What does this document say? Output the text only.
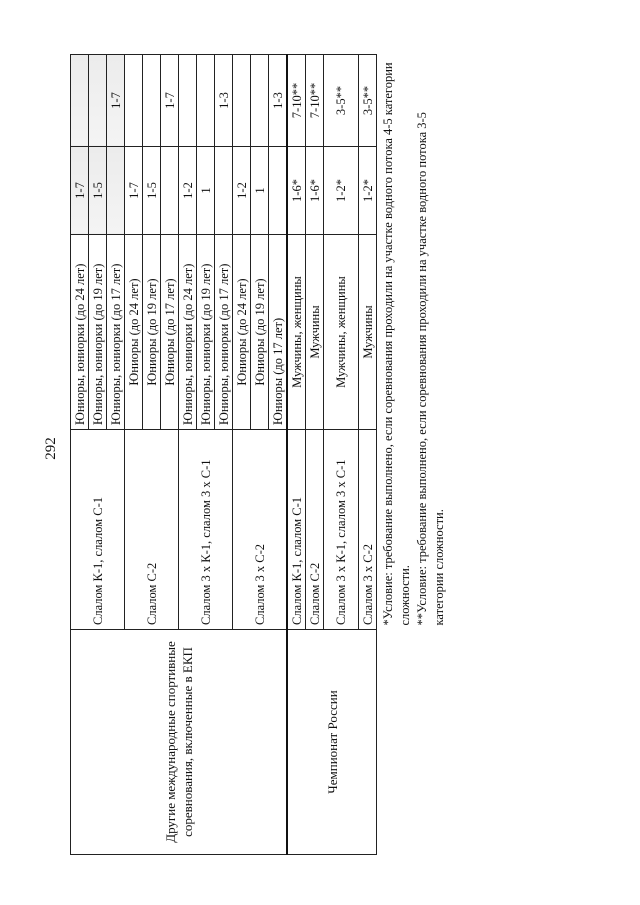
292
Другие международные спортивные соревнования, включенные в ЕКП	Слалом К-1, слалом С-1	Юниоры, юниорки (до 24 лет)	1-7	
		Юниоры, юниорки (до 19 лет)	1-5	
		Юниоры, юниорки (до 17 лет)		1-7
	Слалом С-2	Юниоры (до 24 лет)	1-7	
		Юниоры (до 19 лет)	1-5	
		Юниоры (до 17 лет)		1-7
	Слалом 3 х К-1, слалом 3 х С-1	Юниоры, юниорки (до 24 лет)	1-2	
		Юниоры, юниорки (до 19 лет)	1	
		Юниоры, юниорки (до 17 лет)		1-3
	Слалом 3 х С-2	Юниоры (до 24 лет)	1-2	
		Юниоры (до 19 лет)	1	
		Юниоры (до 17 лет)		1-3
Чемпионат России	Слалом К-1, слалом С-1	Мужчины, женщины	1-6*	7-10**
	Слалом С-2	Мужчины	1-6*	7-10**
	Слалом 3 х К-1, слалом 3 х С-1	Мужчины, женщины	1-2*	3-5**
	Слалом 3 х С-2	Мужчины	1-2*	3-5**

	*Условие: требование выполнено, если соревнования проходили на участке водного потока 4-5 категории сложности. **Условие: требование выполнено, если соревнования проходили на участке водного потока 3-5 категории сложности.			
